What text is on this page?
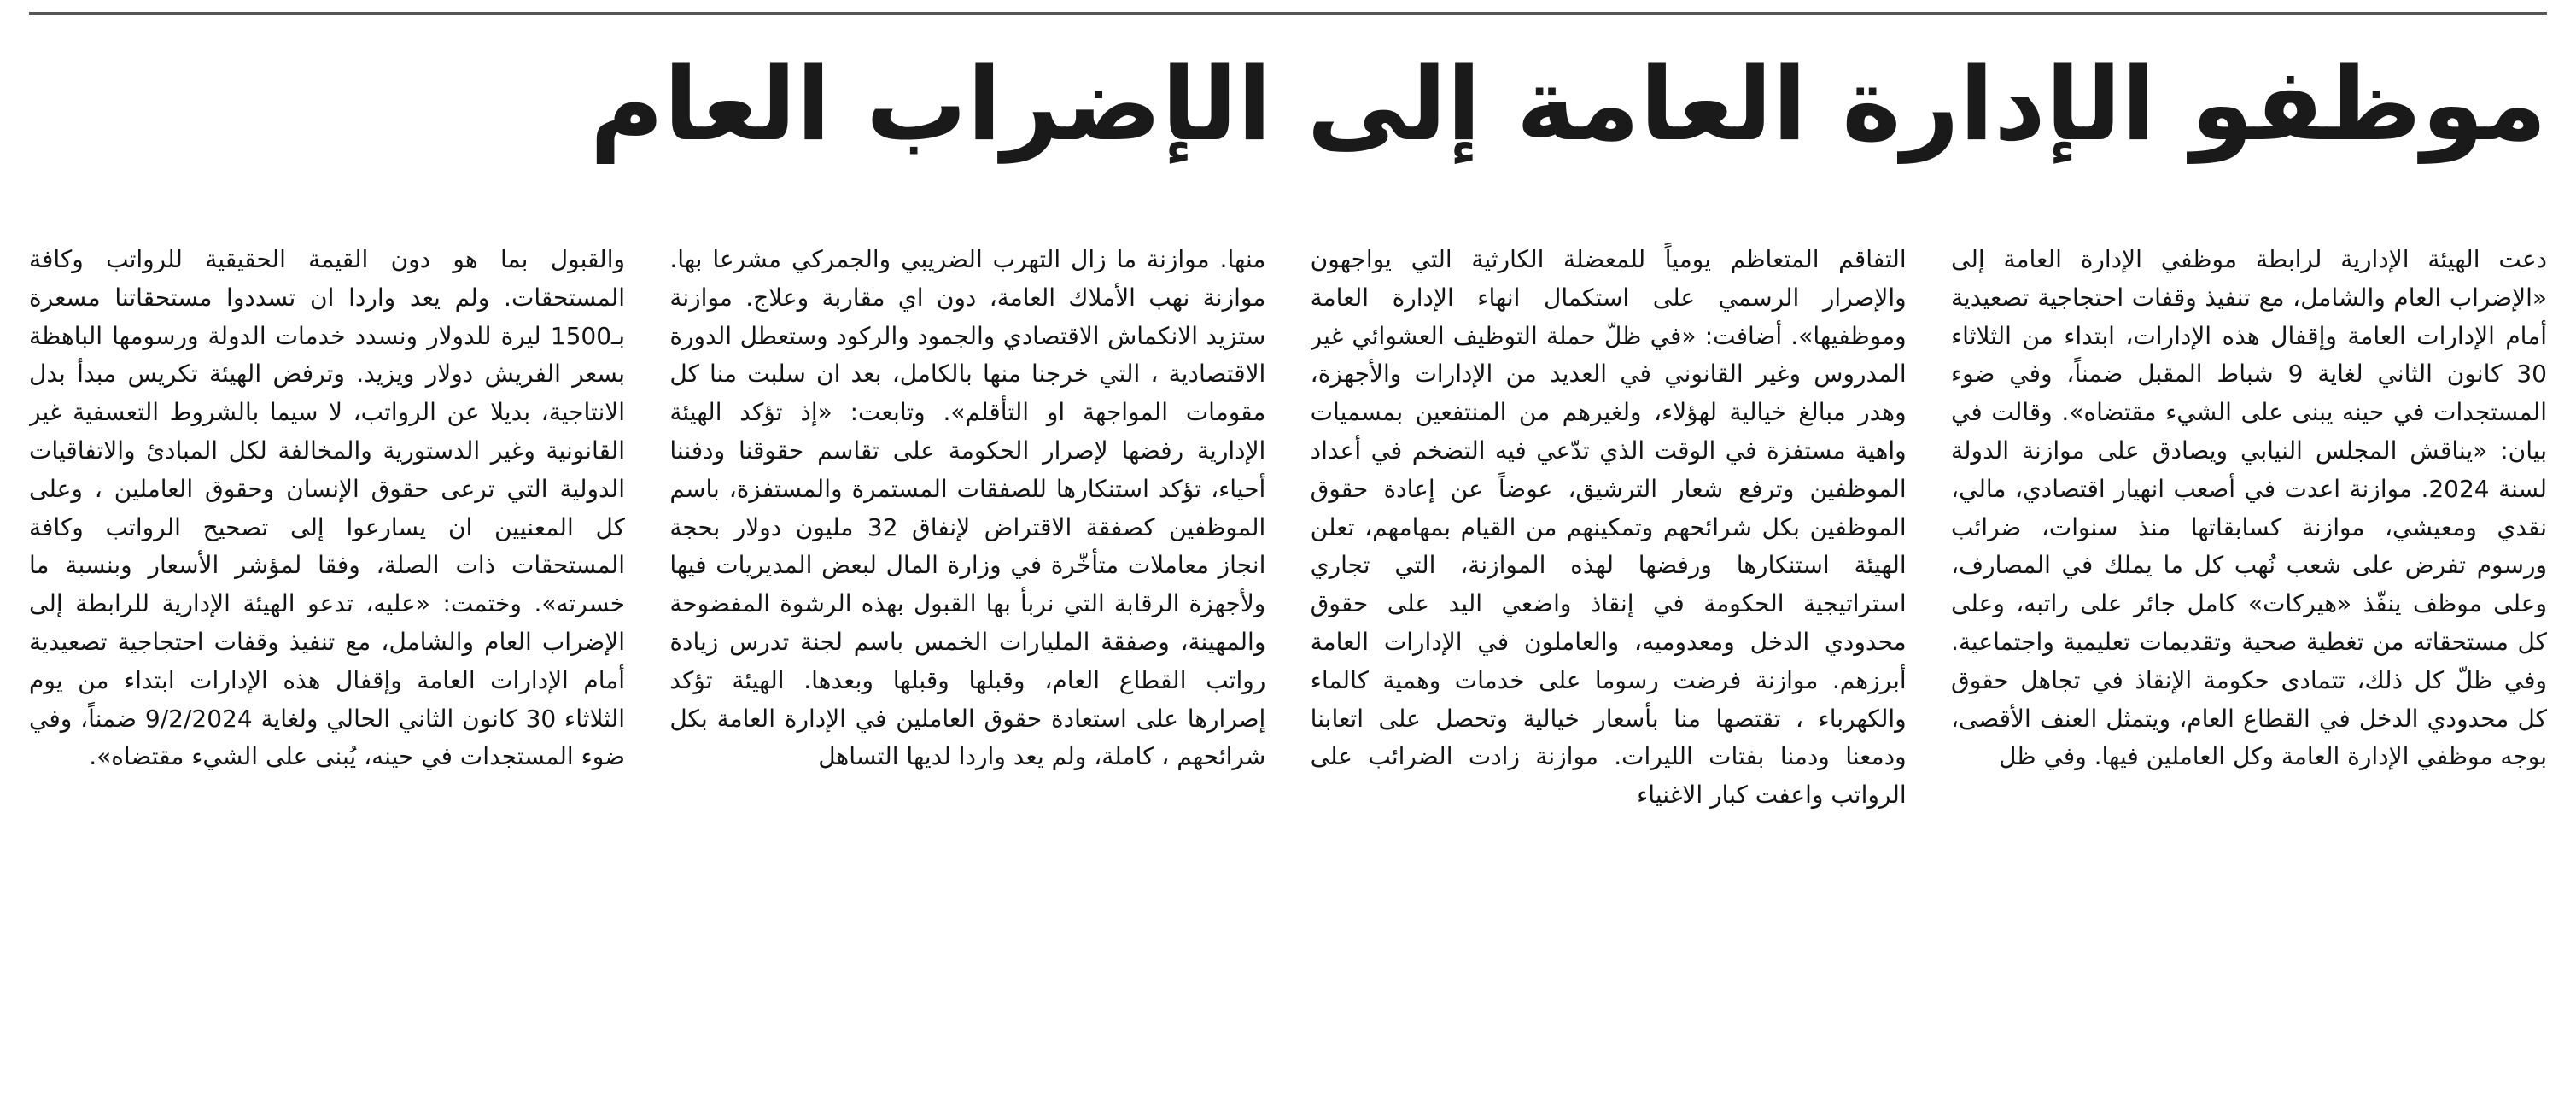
موظفو الإدارة العامة إلى الإضراب العام

دعت الهيئة الإدارية لرابطة موظفي الإدارة العامة إلى «الإضراب العام والشامل، مع تنفيذ وقفات احتجاجية تصعيدية أمام الإدارات العامة وإقفال هذه الإدارات، ابتداء من الثلاثاء 30 كانون الثاني لغاية 9 شباط المقبل ضمناً، وفي ضوء المستجدات في حينه يبنى على الشيء مقتضاه». وقالت في بيان: «يناقش المجلس النيابي ويصادق على موازنة الدولة لسنة 2024. موازنة اعدت في أصعب انهيار اقتصادي، مالي، نقدي ومعيشي، موازنة كسابقاتها منذ سنوات، ضرائب ورسوم تفرض على شعب نُهب كل ما يملك في المصارف، وعلى موظف ينفّذ «هيركات» كامل جائر على راتبه، وعلى كل مستحقاته من تغطية صحية وتقديمات تعليمية واجتماعية. وفي ظلّ كل ذلك، تتمادى حكومة الإنقاذ في تجاهل حقوق كل محدودي الدخل في القطاع العام، ويتمثل العنف الأقصى، بوجه موظفي الإدارة العامة وكل العاملين فيها. وفي ظل

التفاقم المتعاظم يومياً للمعضلة الكارثية التي يواجهون والإصرار الرسمي على استكمال انهاء الإدارة العامة وموظفيها». أضافت: «في ظلّ حملة التوظيف العشوائي غير المدروس وغير القانوني في العديد من الإدارات والأجهزة، وهدر مبالغ خيالية لهؤلاء، ولغيرهم من المنتفعين بمسميات واهية مستفزة في الوقت الذي تدّعي فيه التضخم في أعداد الموظفين وترفع شعار الترشيق، عوضاً عن إعادة حقوق الموظفين بكل شرائحهم وتمكينهم من القيام بمهامهم، تعلن الهيئة استنكارها ورفضها لهذه الموازنة، التي تجاري استراتيجية الحكومة في إنقاذ واضعي اليد على حقوق محدودي الدخل ومعدوميه، والعاملون في الإدارات العامة أبرزهم. موازنة فرضت رسوما على خدمات وهمية كالماء والكهرباء ، تقتصها منا بأسعار خيالية وتحصل على اتعابنا ودمعنا ودمنا بفتات الليرات. موازنة زادت الضرائب على الرواتب واعفت كبار الاغنياء

منها. موازنة ما زال التهرب الضريبي والجمركي مشرعا بها. موازنة نهب الأملاك العامة، دون اي مقاربة وعلاج. موازنة ستزيد الانكماش الاقتصادي والجمود والركود وستعطل الدورة الاقتصادية ، التي خرجنا منها بالكامل، بعد ان سلبت منا كل مقومات المواجهة او التأقلم». وتابعت: «إذ تؤكد الهيئة الإدارية رفضها لإصرار الحكومة على تقاسم حقوقنا ودفننا أحياء، تؤكد استنكارها للصفقات المستمرة والمستفزة، باسم الموظفين كصفقة الاقتراض لإنفاق 32 مليون دولار بحجة انجاز معاملات متأخّرة في وزارة المال لبعض المديريات فيها ولأجهزة الرقابة التي نربأ بها القبول بهذه الرشوة المفضوحة والمهينة، وصفقة المليارات الخمس باسم لجنة تدرس زيادة رواتب القطاع العام، وقبلها وقبلها وبعدها. الهيئة تؤكد إصرارها على استعادة حقوق العاملين في الإدارة العامة بكل شرائحهم ، كاملة، ولم يعد واردا لديها التساهل

والقبول بما هو دون القيمة الحقيقية للرواتب وكافة المستحقات. ولم يعد واردا ان تسددوا مستحقاتنا مسعرة بـ1500 ليرة للدولار ونسدد خدمات الدولة ورسومها الباهظة بسعر الفريش دولار ويزيد. وترفض الهيئة تكريس مبدأ بدل الانتاجية، بديلا عن الرواتب، لا سيما بالشروط التعسفية غير القانونية وغير الدستورية والمخالفة لكل المبادئ والاتفاقيات الدولية التي ترعى حقوق الإنسان وحقوق العاملين ، وعلى كل المعنيين ان يسارعوا إلى تصحيح الرواتب وكافة المستحقات ذات الصلة، وفقا لمؤشر الأسعار وبنسبة ما خسرته». وختمت: «عليه، تدعو الهيئة الإدارية للرابطة إلى الإضراب العام والشامل، مع تنفيذ وقفات احتجاجية تصعيدية أمام الإدارات العامة وإقفال هذه الإدارات ابتداء من يوم الثلاثاء 30 كانون الثاني الحالي ولغاية 9/2/2024 ضمناً، وفي ضوء المستجدات في حينه، يُبنى على الشيء مقتضاه».
